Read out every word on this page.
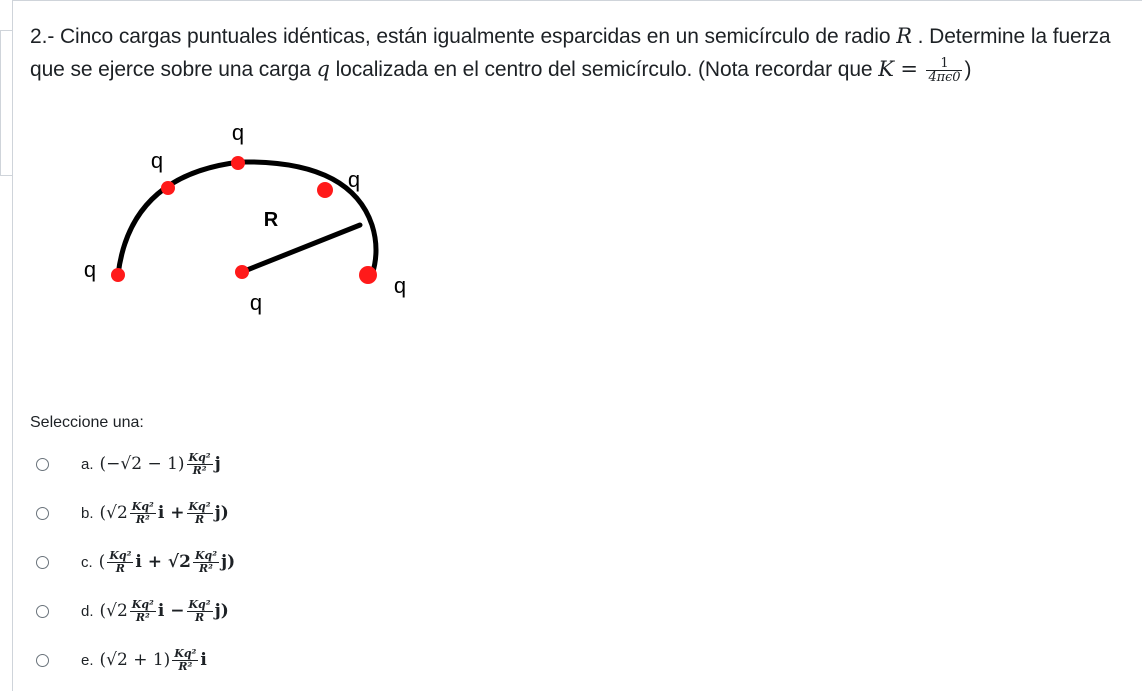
2.- Cinco cargas puntuales idénticas, están igualmente esparcidas en un semicírculo de radio R . Determine la fuerza que se ejerce sobre una carga q localizada en el centro del semicírculo. (Nota recordar que $K = \frac{1}{4\pi\epsilon 0}$ )
q
q
q
q
q
q
R
Seleccione una:
a. $(-√2 - 1) \frac{\text{Kq²}}{\text{R²}}$ j
b. ($√2 \frac{\text{Kq²}}{\text{R²}}$ $i + \frac{\text{Kq²}}{R} j$)
c. ( $\frac{\text{Kq²}}{R}$ $i + √2 \frac{\text{Kq²}}{\text{R²}} j$)
d. ($√2 \frac{\text{Kq²}}{\text{R²}}$ $i - \frac{\text{Kq²}}{R} j$)
e. $(√2 + 1) \frac{\text{Kq²}}{\text{R²}}$ i
